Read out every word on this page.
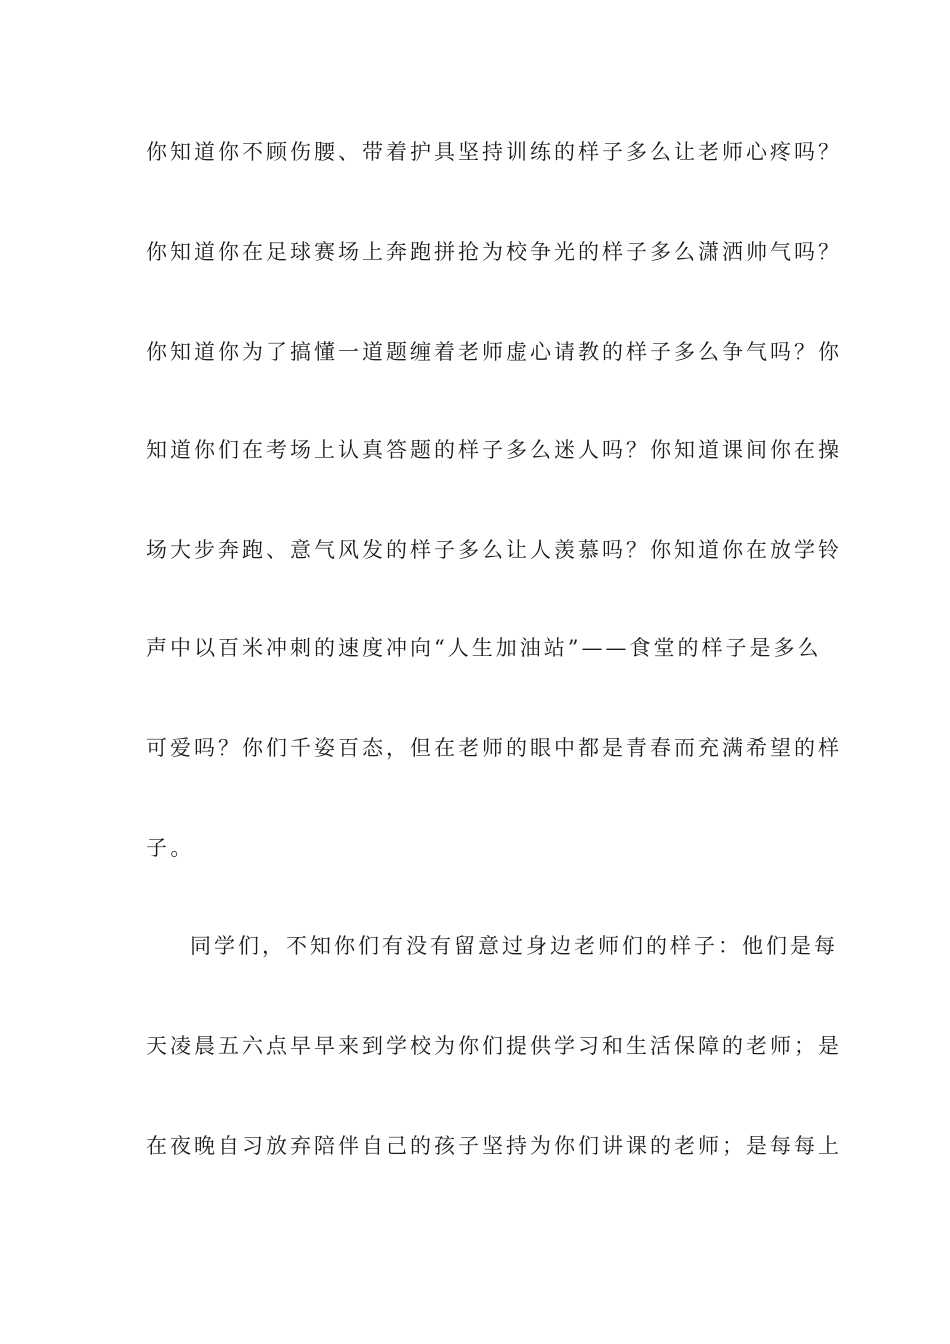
你知道你不顾伤腰、带着护具坚持训练的样子多么让老师心疼吗？
你知道你在足球赛场上奔跑拼抢为校争光的样子多么潇洒帅气吗？
你知道你为了搞懂一道题缠着老师虚心请教的样子多么争气吗？你
知道你们在考场上认真答题的样子多么迷人吗？你知道课间你在操
场大步奔跑、意气风发的样子多么让人羡慕吗？你知道你在放学铃
声中以百米冲刺的速度冲向“人生加油站”——食堂的样子是多么
可爱吗？你们千姿百态，但在老师的眼中都是青春而充满希望的样
子。
同学们，不知你们有没有留意过身边老师们的样子：他们是每
天凌晨五六点早早来到学校为你们提供学习和生活保障的老师；是
在夜晚自习放弃陪伴自己的孩子坚持为你们讲课的老师；是每每上
